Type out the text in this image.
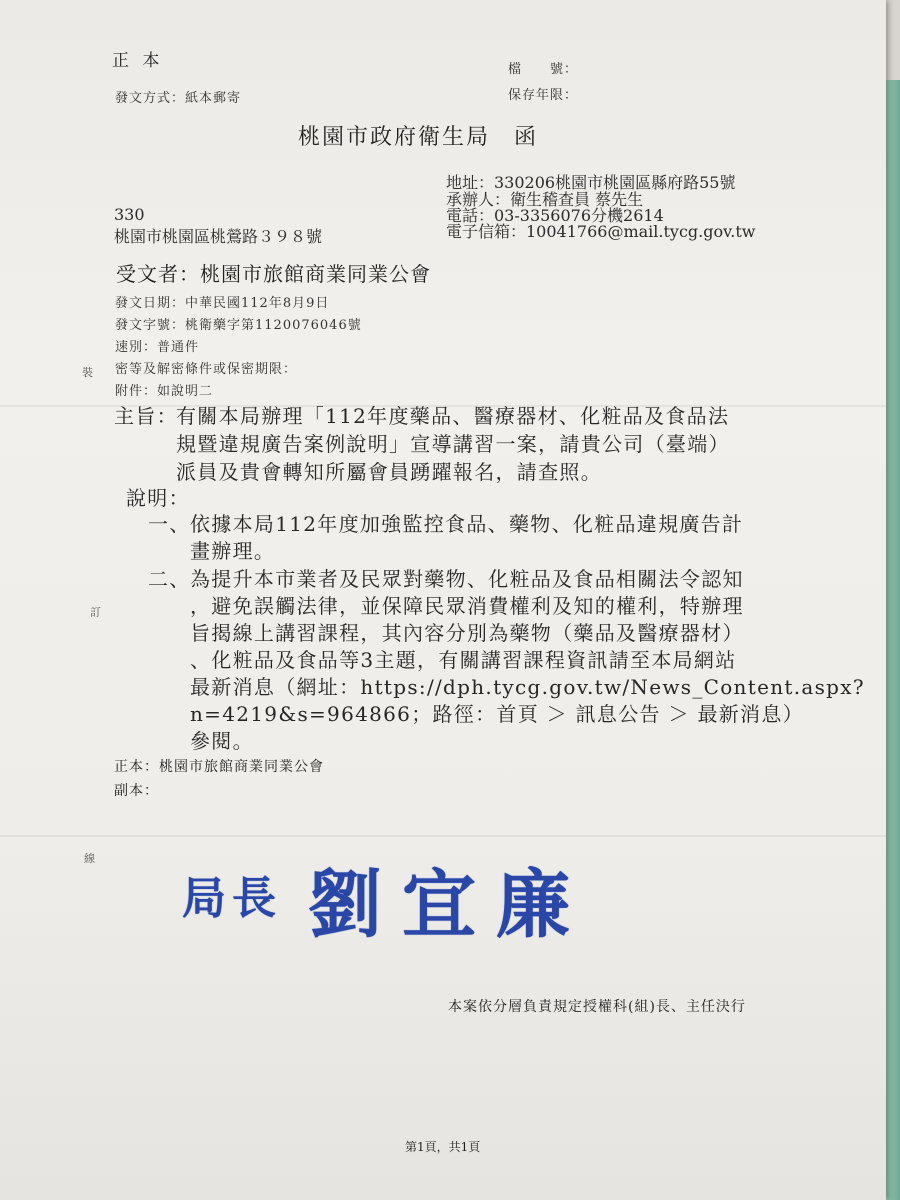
正 本	檔　　號：
發文方式：紙本郵寄	保存年限：
桃園市政府衛生局　函
地址：330206桃園市桃園區縣府路55號
承辦人：衛生稽查員 蔡先生
電話：03-3356076分機2614
電子信箱：10041766@mail.tycg.gov.tw
330
桃園市桃園區桃鶯路３９８號
受文者：桃園市旅館商業同業公會
發文日期：中華民國112年8月9日
發文字號：桃衛藥字第1120076046號
速別：普通件
密等及解密條件或保密期限：
附件：如說明二
裝
訂
線
主旨：
有關本局辦理「112年度藥品、醫療器材、化粧品及食品法
規暨違規廣告案例說明」宣導講習一案，請貴公司（臺端）
派員及貴會轉知所屬會員踴躍報名，請查照。
說明：
一、 依據本局112年度加強監控食品、藥物、化粧品違規廣告計
畫辦理。
二、 為提升本市業者及民眾對藥物、化粧品及食品相關法令認知
，避免誤觸法律，並保障民眾消費權利及知的權利，特辦理
旨揭線上講習課程，其內容分別為藥物（藥品及醫療器材）
、化粧品及食品等3主題，有關講習課程資訊請至本局網站
最新消息（網址：https://dph.tycg.gov.tw/News_Content.aspx?
n=4219&s=964866；路徑：首頁 ＞ 訊息公告 ＞ 最新消息）
參閱。
正本：桃園市旅館商業同業公會
副本：
局長 劉宜廉
本案依分層負責規定授權科(組)長、主任決行
第1頁，共1頁
